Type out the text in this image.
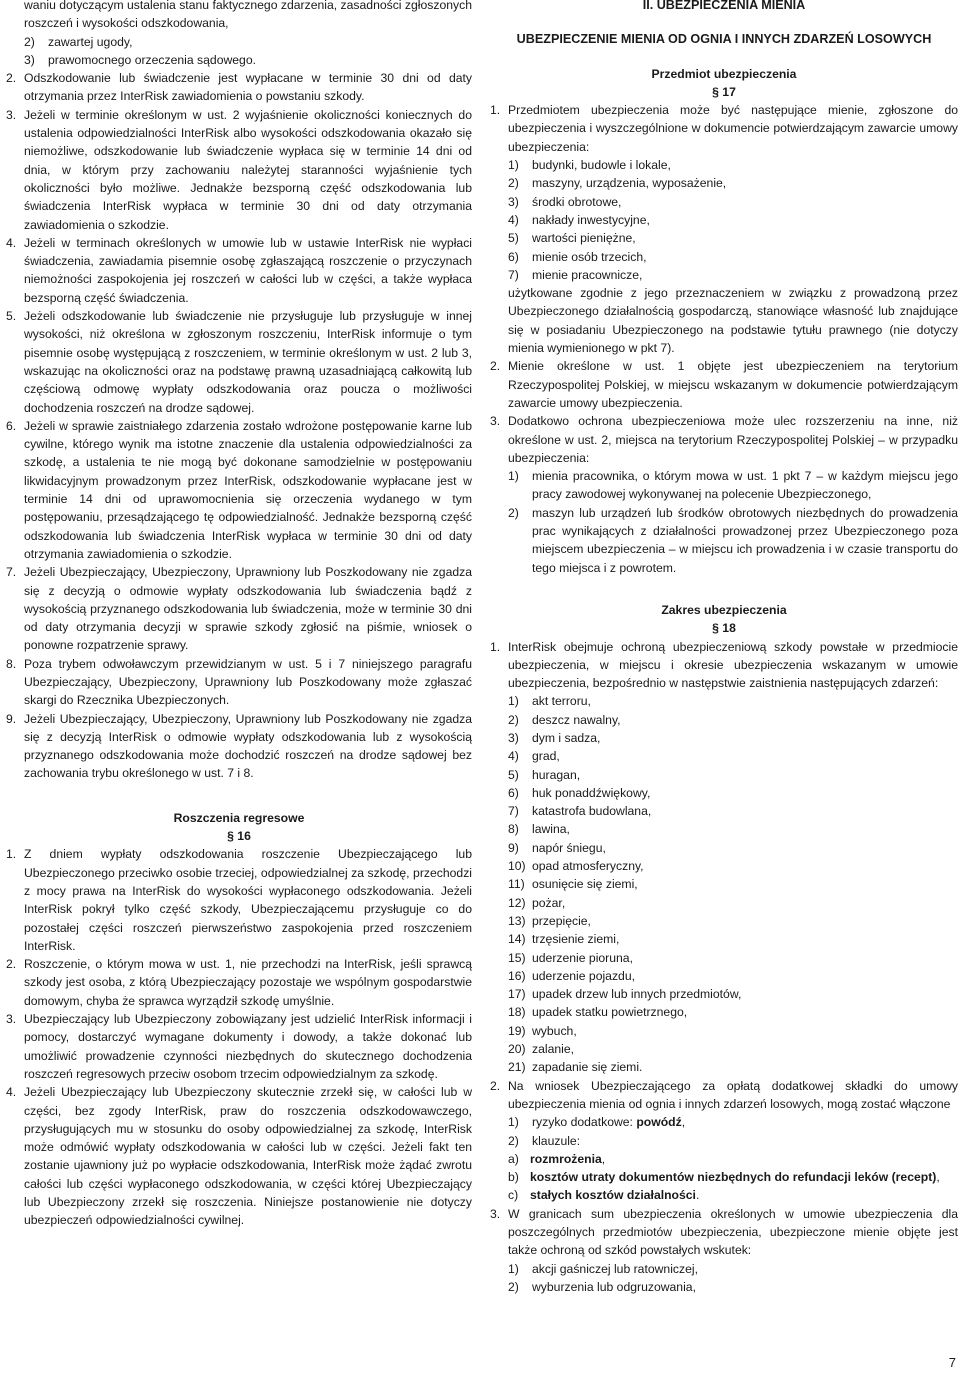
waniu dotyczącym ustalenia stanu faktycznego zdarzenia, zasadności zgłoszonych roszczeń i wysokości odszkodowania,
2)	zawartej ugody,
3)	prawomocnego orzeczenia sądowego.
2. Odszkodowanie lub świadczenie jest wypłacane w terminie 30 dni od daty otrzymania przez InterRisk zawiadomienia o powstaniu szkody.
3. Jeżeli w terminie określonym w ust. 2 wyjaśnienie okoliczności koniecznych do ustalenia odpowiedzialności InterRisk albo wysokości odszkodowania okazało się niemożliwe, odszkodowanie lub świadczenie wypłaca się w terminie 14 dni od dnia, w którym przy zachowaniu należytej staranności wyjaśnienie tych okoliczności było możliwe. Jednakże bezsporną część odszkodowania lub świadczenia InterRisk wypłaca w terminie 30 dni od daty otrzymania zawiadomienia o szkodzie.
4. Jeżeli w terminach określonych w umowie lub w ustawie InterRisk nie wypłaci świadczenia, zawiadamia pisemnie osobę zgłaszającą roszczenie o przyczynach niemożności zaspokojenia jej roszczeń w całości lub w części, a także wypłaca bezsporną część świadczenia.
5. Jeżeli odszkodowanie lub świadczenie nie przysługuje lub przysługuje w innej wysokości, niż określona w zgłoszonym roszczeniu, InterRisk informuje o tym pisemnie osobę występującą z roszczeniem, w terminie określonym w ust. 2 lub 3, wskazując na okoliczności oraz na podstawę prawną uzasadniającą całkowitą lub częściową odmowę wypłaty odszkodowania oraz poucza o możliwości dochodzenia roszczeń na drodze sądowej.
6. Jeżeli w sprawie zaistniałego zdarzenia zostało wdrożone postępowanie karne lub cywilne, którego wynik ma istotne znaczenie dla ustalenia odpowiedzialności za szkodę, a ustalenia te nie mogą być dokonane samodzielnie w postępowaniu likwidacyjnym prowadzonym przez InterRisk, odszkodowanie wypłacane jest w terminie 14 dni od uprawomocnienia się orzeczenia wydanego w tym postępowaniu, przesądzającego tę odpowiedzialność. Jednakże bezsporną część odszkodowania lub świadczenia InterRisk wypłaca w terminie 30 dni od daty otrzymania zawiadomienia o szkodzie.
7. Jeżeli Ubezpieczający, Ubezpieczony, Uprawniony lub Poszkodowany nie zgadza się z decyzją o odmowie wypłaty odszkodowania lub świadczenia bądź z wysokością przyznanego odszkodowania lub świadczenia, może w terminie 30 dni od daty otrzymania decyzji w sprawie szkody zgłosić na piśmie, wniosek o ponowne rozpatrzenie sprawy.
8. Poza trybem odwoławczym przewidzianym w ust. 5 i 7 niniejszego paragrafu Ubezpieczający, Ubezpieczony, Uprawniony lub Poszkodowany może zgłaszać skargi do Rzecznika Ubezpieczonych.
9. Jeżeli Ubezpieczający, Ubezpieczony, Uprawniony lub Poszkodowany nie zgadza się z decyzją InterRisk o odmowie wypłaty odszkodowania lub z wysokością przyznanego odszkodowania może dochodzić roszczeń na drodze sądowej bez zachowania trybu określonego w ust. 7 i 8.
Roszczenia regresowe
§ 16
1. Z dniem wypłaty odszkodowania roszczenie Ubezpieczającego lub Ubezpieczonego przeciwko osobie trzeciej, odpowiedzialnej za szkodę, przechodzi z mocy prawa na InterRisk do wysokości wypłaconego odszkodowania. Jeżeli InterRisk pokrył tylko część szkody, Ubezpieczającemu przysługuje co do pozostałej części roszczeń pierwszeństwo zaspokojenia przed roszczeniem InterRisk.
2. Roszczenie, o którym mowa w ust. 1, nie przechodzi na InterRisk, jeśli sprawcą szkody jest osoba, z którą Ubezpieczający pozostaje we wspólnym gospodarstwie domowym, chyba że sprawca wyrządził szkodę umyślnie.
3. Ubezpieczający lub Ubezpieczony zobowiązany jest udzielić InterRisk informacji i pomocy, dostarczyć wymagane dokumenty i dowody, a także dokonać lub umożliwić prowadzenie czynności niezbędnych do skutecznego dochodzenia roszczeń regresowych przeciw osobom trzecim odpowiedzialnym za szkodę.
4. Jeżeli Ubezpieczający lub Ubezpieczony skutecznie zrzekł się, w całości lub w części, bez zgody InterRisk, praw do roszczenia odszkodowawczego, przysługujących mu w stosunku do osoby odpowiedzialnej za szkodę, InterRisk może odmówić wypłaty odszkodowania w całości lub w części. Jeżeli fakt ten zostanie ujawniony już po wypłacie odszkodowania, InterRisk może żądać zwrotu całości lub części wypłaconego odszkodowania, w części której Ubezpieczający lub Ubezpieczony zrzekł się roszczenia. Niniejsze postanowienie nie dotyczy ubezpieczeń odpowiedzialności cywilnej.
II. UBEZPIECZENIA MIENIA
UBEZPIECZENIE MIENIA OD OGNIA I INNYCH ZDARZEŃ LOSOWYCH
Przedmiot ubezpieczenia
§ 17
1. Przedmiotem ubezpieczenia może być następujące mienie, zgłoszone do ubezpieczenia i wyszczególnione w dokumencie potwierdzającym zawarcie umowy ubezpieczenia:
1)	budynki, budowle i lokale,
2)	maszyny, urządzenia, wyposażenie,
3)	środki obrotowe,
4)	nakłady inwestycyjne,
5)	wartości pieniężne,
6)	mienie osób trzecich,
7)	mienie pracownicze,
użytkowane zgodnie z jego przeznaczeniem w związku z prowadzoną przez Ubezpieczonego działalnością gospodarczą, stanowiące własność lub znajdujące się w posiadaniu Ubezpieczonego na podstawie tytułu prawnego (nie dotyczy mienia wymienionego w pkt 7).
2. Mienie określone w ust. 1 objęte jest ubezpieczeniem na terytorium Rzeczypospolitej Polskiej, w miejscu wskazanym w dokumencie potwierdzającym zawarcie umowy ubezpieczenia.
3. Dodatkowo ochrona ubezpieczeniowa może ulec rozszerzeniu na inne, niż określone w ust. 2, miejsca na terytorium Rzeczypospolitej Polskiej – w przypadku ubezpieczenia:
1)	mienia pracownika, o którym mowa w ust. 1 pkt 7 – w każdym miejscu jego pracy zawodowej wykonywanej na polecenie Ubezpieczonego,
2)	maszyn lub urządzeń lub środków obrotowych niezbędnych do prowadzenia prac wynikających z działalności prowadzonej przez Ubezpieczonego poza miejscem ubezpieczenia – w miejscu ich prowadzenia i w czasie transportu do tego miejsca i z powrotem.
Zakres ubezpieczenia
§ 18
1. InterRisk obejmuje ochroną ubezpieczeniową szkody powstałe w przedmiocie ubezpieczenia, w miejscu i okresie ubezpieczenia wskazanym w umowie ubezpieczenia, bezpośrednio w następstwie zaistnienia następujących zdarzeń:
1)	akt terroru,
2)	deszcz nawalny,
3)	dym i sadza,
4)	grad,
5)	huragan,
6)	huk ponaddźwiękowy,
7)	katastrofa budowlana,
8)	lawina,
9)	napór śniegu,
10) opad atmosferyczny,
11) osunięcie się ziemi,
12) pożar,
13) przepięcie,
14) trzęsienie ziemi,
15) uderzenie pioruna,
16) uderzenie pojazdu,
17) upadek drzew lub innych przedmiotów,
18) upadek statku powietrznego,
19) wybuch,
20) zalanie,
21) zapadanie się ziemi.
2. Na wniosek Ubezpieczającego za opłatą dodatkowej składki do umowy ubezpieczenia mienia od ognia i innych zdarzeń losowych, mogą zostać włączone
1)	ryzyko dodatkowe: powódź,
2)	klauzule:
a) rozmrożenia,
b) kosztów utraty dokumentów niezbędnych do refundacji leków (recept),
c) stałych kosztów działalności.
3. W granicach sum ubezpieczenia określonych w umowie ubezpieczenia dla poszczególnych przedmiotów ubezpieczenia, ubezpieczone mienie objęte jest także ochroną od szkód powstałych wskutek:
1)	akcji gaśniczej lub ratowniczej,
2)	wyburzenia lub odgruzowania,
7
